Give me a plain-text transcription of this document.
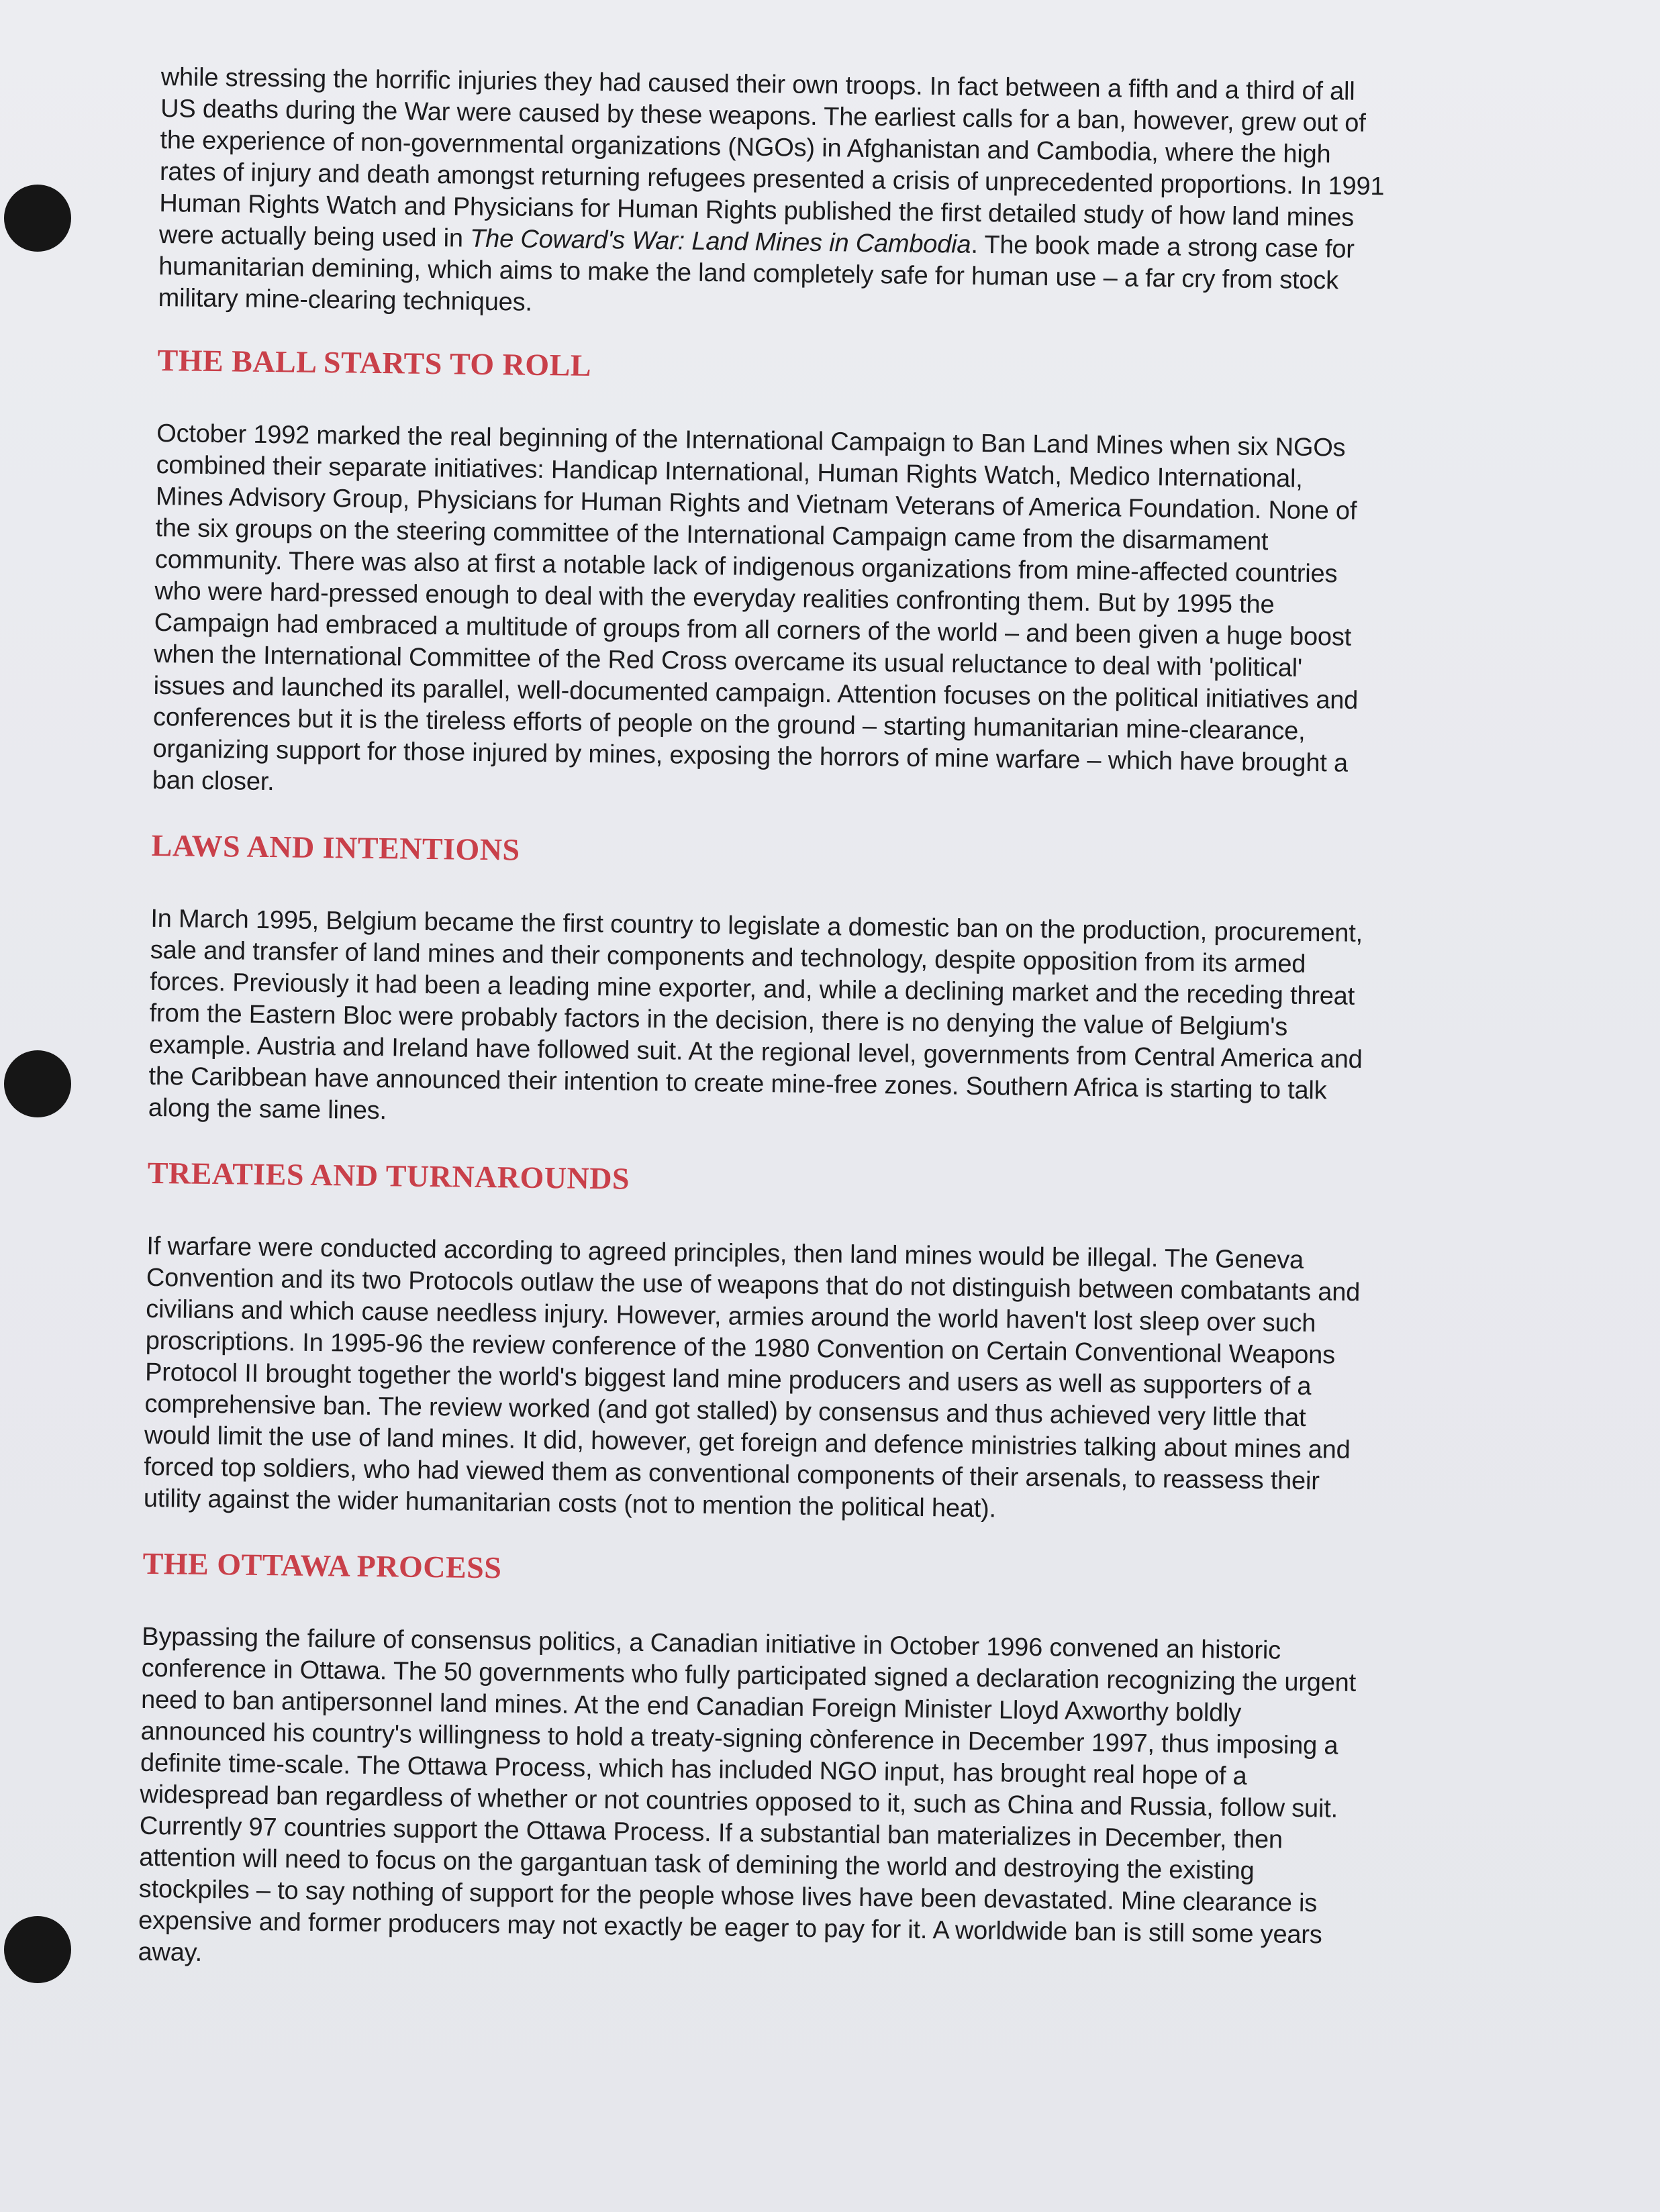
while stressing the horrific injuries they had caused their own troops. In fact between a fifth and a third of all
US deaths during the War were caused by these weapons. The earliest calls for a ban, however, grew out of
the experience of non-governmental organizations (NGOs) in Afghanistan and Cambodia, where the high
rates of injury and death amongst returning refugees presented a crisis of unprecedented proportions. In 1991
Human Rights Watch and Physicians for Human Rights published the first detailed study of how land mines
were actually being used in The Coward's War: Land Mines in Cambodia. The book made a strong case for
humanitarian demining, which aims to make the land completely safe for human use – a far cry from stock
military mine-clearing techniques.

THE BALL STARTS TO ROLL

October 1992 marked the real beginning of the International Campaign to Ban Land Mines when six NGOs
combined their separate initiatives: Handicap International, Human Rights Watch, Medico International,
Mines Advisory Group, Physicians for Human Rights and Vietnam Veterans of America Foundation. None of
the six groups on the steering committee of the International Campaign came from the disarmament
community. There was also at first a notable lack of indigenous organizations from mine-affected countries
who were hard-pressed enough to deal with the everyday realities confronting them. But by 1995 the
Campaign had embraced a multitude of groups from all corners of the world – and been given a huge boost
when the International Committee of the Red Cross overcame its usual reluctance to deal with 'political'
issues and launched its parallel, well-documented campaign. Attention focuses on the political initiatives and
conferences but it is the tireless efforts of people on the ground – starting humanitarian mine-clearance,
organizing support for those injured by mines, exposing the horrors of mine warfare – which have brought a
ban closer.

LAWS AND INTENTIONS

In March 1995, Belgium became the first country to legislate a domestic ban on the production, procurement,
sale and transfer of land mines and their components and technology, despite opposition from its armed
forces. Previously it had been a leading mine exporter, and, while a declining market and the receding threat
from the Eastern Bloc were probably factors in the decision, there is no denying the value of Belgium's
example. Austria and Ireland have followed suit. At the regional level, governments from Central America and
the Caribbean have announced their intention to create mine-free zones. Southern Africa is starting to talk
along the same lines.

TREATIES AND TURNAROUNDS

If warfare were conducted according to agreed principles, then land mines would be illegal. The Geneva
Convention and its two Protocols outlaw the use of weapons that do not distinguish between combatants and
civilians and which cause needless injury. However, armies around the world haven't lost sleep over such
proscriptions. In 1995-96 the review conference of the 1980 Convention on Certain Conventional Weapons
Protocol II brought together the world's biggest land mine producers and users as well as supporters of a
comprehensive ban. The review worked (and got stalled) by consensus and thus achieved very little that
would limit the use of land mines. It did, however, get foreign and defence ministries talking about mines and
forced top soldiers, who had viewed them as conventional components of their arsenals, to reassess their
utility against the wider humanitarian costs (not to mention the political heat).

THE OTTAWA PROCESS

Bypassing the failure of consensus politics, a Canadian initiative in October 1996 convened an historic
conference in Ottawa. The 50 governments who fully participated signed a declaration recognizing the urgent
need to ban antipersonnel land mines. At the end Canadian Foreign Minister Lloyd Axworthy boldly
announced his country's willingness to hold a treaty-signing cònference in December 1997, thus imposing a
definite time-scale. The Ottawa Process, which has included NGO input, has brought real hope of a
widespread ban regardless of whether or not countries opposed to it, such as China and Russia, follow suit.
Currently 97 countries support the Ottawa Process. If a substantial ban materializes in December, then
attention will need to focus on the gargantuan task of demining the world and destroying the existing
stockpiles – to say nothing of support for the people whose lives have been devastated. Mine clearance is
expensive and former producers may not exactly be eager to pay for it. A worldwide ban is still some years
away.
